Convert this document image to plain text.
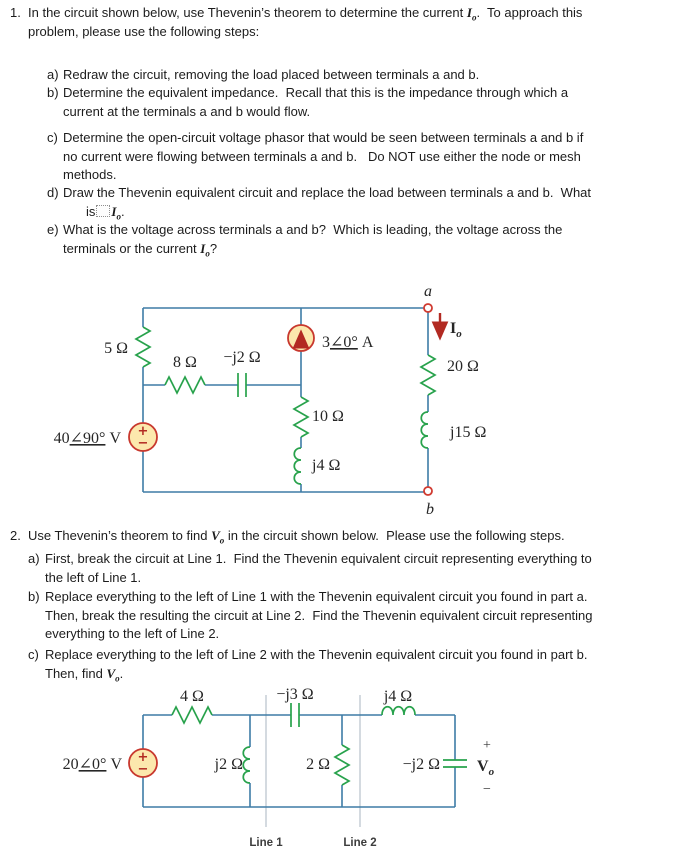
1. In the circuit shown below, use Thevenin’s theorem to determine the current $I_o$.  To approach this
problem, please use the following steps:
a) Redraw the circuit, removing the load placed between terminals a and b.
b) Determine the equivalent impedance.  Recall that this is the impedance through which a
current at the terminals a and b would flow.
c) Determine the open-circuit voltage phasor that would be seen between terminals a and b if
no current were flowing between terminals a and b.   Do NOT use either the node or mesh
methods.
d) Draw the Thevenin equivalent circuit and replace the load between terminals a and b.  What
is $I_o$.
e) What is the voltage across terminals a and b?  Which is leading, the voltage across the
terminals or the current $I_o$?
+
−
5 Ω
8 Ω −j2 Ω
3∠0° A
10 Ω
j4 Ω
40∠90° V
20 Ω
j15 Ω
a
b
$I_o$
2. Use Thevenin’s theorem to find $V_o$ in the circuit shown below.  Please use the following steps.
a) First, break the circuit at Line 1.  Find the Thevenin equivalent circuit representing everything to
the left of Line 1.
b) Replace everything to the left of Line 1 with the Thevenin equivalent circuit you found in part a.
Then, break the resulting the circuit at Line 2.  Find the Thevenin equivalent circuit representing
everything to the left of Line 2.
c) Replace everything to the left of Line 2 with the Thevenin equivalent circuit you found in part b.
Then, find $V_o$.
+
−
4 Ω	−j3 Ω	j4 Ω
20∠0° V	j2 Ω	2 Ω	−j2 Ω
+
$V_o$
−
Line 1	Line 2
